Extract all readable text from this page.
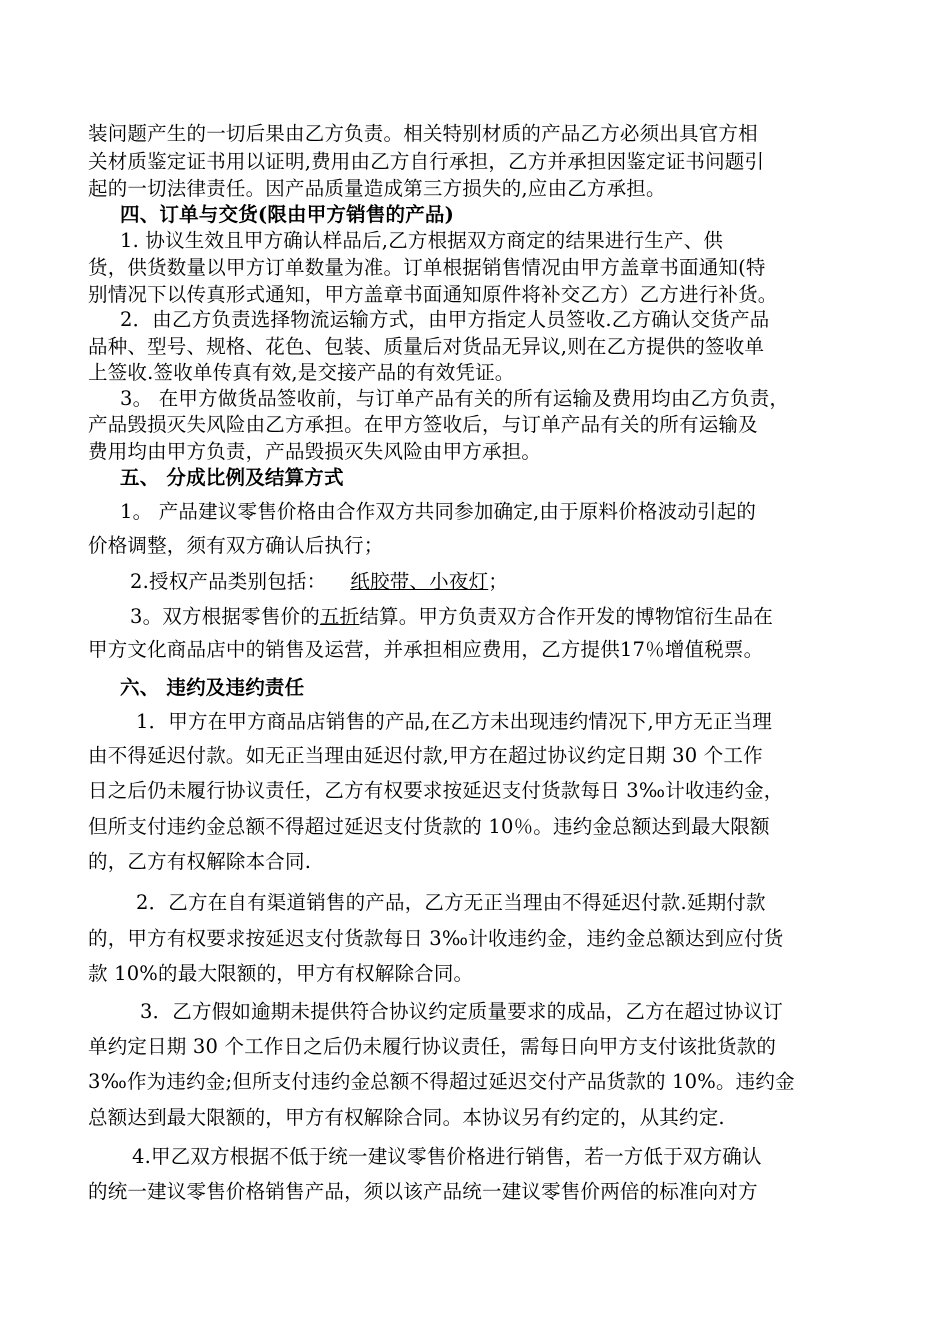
装问题产生的一切后果由乙方负责。相关特别材质的产品乙方必须出具官方相
关材质鉴定证书用以证明,费用由乙方自行承担，乙方并承担因鉴定证书问题引
起的一切法律责任。因产品质量造成第三方损失的,应由乙方承担。
四、订单与交货(限由甲方销售的产品)
1. 协议生效且甲方确认样品后,乙方根据双方商定的结果进行生产、供
货，供货数量以甲方订单数量为准。订单根据销售情况由甲方盖章书面通知(特
别情况下以传真形式通知，甲方盖章书面通知原件将补交乙方）乙方进行补货。
2．由乙方负责选择物流运输方式，由甲方指定人员签收.乙方确认交货产品
品种、型号、规格、花色、包装、质量后对货品无异议,则在乙方提供的签收单
上签收.签收单传真有效,是交接产品的有效凭证。
3。 在甲方做货品签收前，与订单产品有关的所有运输及费用均由乙方负责，
产品毁损灭失风险由乙方承担。在甲方签收后，与订单产品有关的所有运输及
费用均由甲方负责，产品毁损灭失风险由甲方承担。
五、 分成比例及结算方式
1。 产品建议零售价格由合作双方共同参加确定,由于原料价格波动引起的
价格调整，须有双方确认后执行；
2.授权产品类别包括： 纸胶带、小夜灯；
3。双方根据零售价的五折结算。甲方负责双方合作开发的博物馆衍生品在
甲方文化商品店中的销售及运营，并承担相应费用，乙方提供17％增值税票。
六、 违约及违约责任
1．甲方在甲方商品店销售的产品,在乙方未出现违约情况下,甲方无正当理
由不得延迟付款。如无正当理由延迟付款,甲方在超过协议约定日期 30 个工作
日之后仍未履行协议责任，乙方有权要求按延迟支付货款每日 3‰计收违约金，
但所支付违约金总额不得超过延迟支付货款的 10％。违约金总额达到最大限额
的，乙方有权解除本合同.
2．乙方在自有渠道销售的产品，乙方无正当理由不得延迟付款.延期付款
的，甲方有权要求按延迟支付货款每日 3‰计收违约金，违约金总额达到应付货
款 10%的最大限额的，甲方有权解除合同。
3．乙方假如逾期未提供符合协议约定质量要求的成品，乙方在超过协议订
单约定日期 30 个工作日之后仍未履行协议责任，需每日向甲方支付该批货款的
3‰作为违约金;但所支付违约金总额不得超过延迟交付产品货款的 10%。违约金
总额达到最大限额的，甲方有权解除合同。本协议另有约定的，从其约定.
4.甲乙双方根据不低于统一建议零售价格进行销售，若一方低于双方确认
的统一建议零售价格销售产品，须以该产品统一建议零售价两倍的标准向对方
